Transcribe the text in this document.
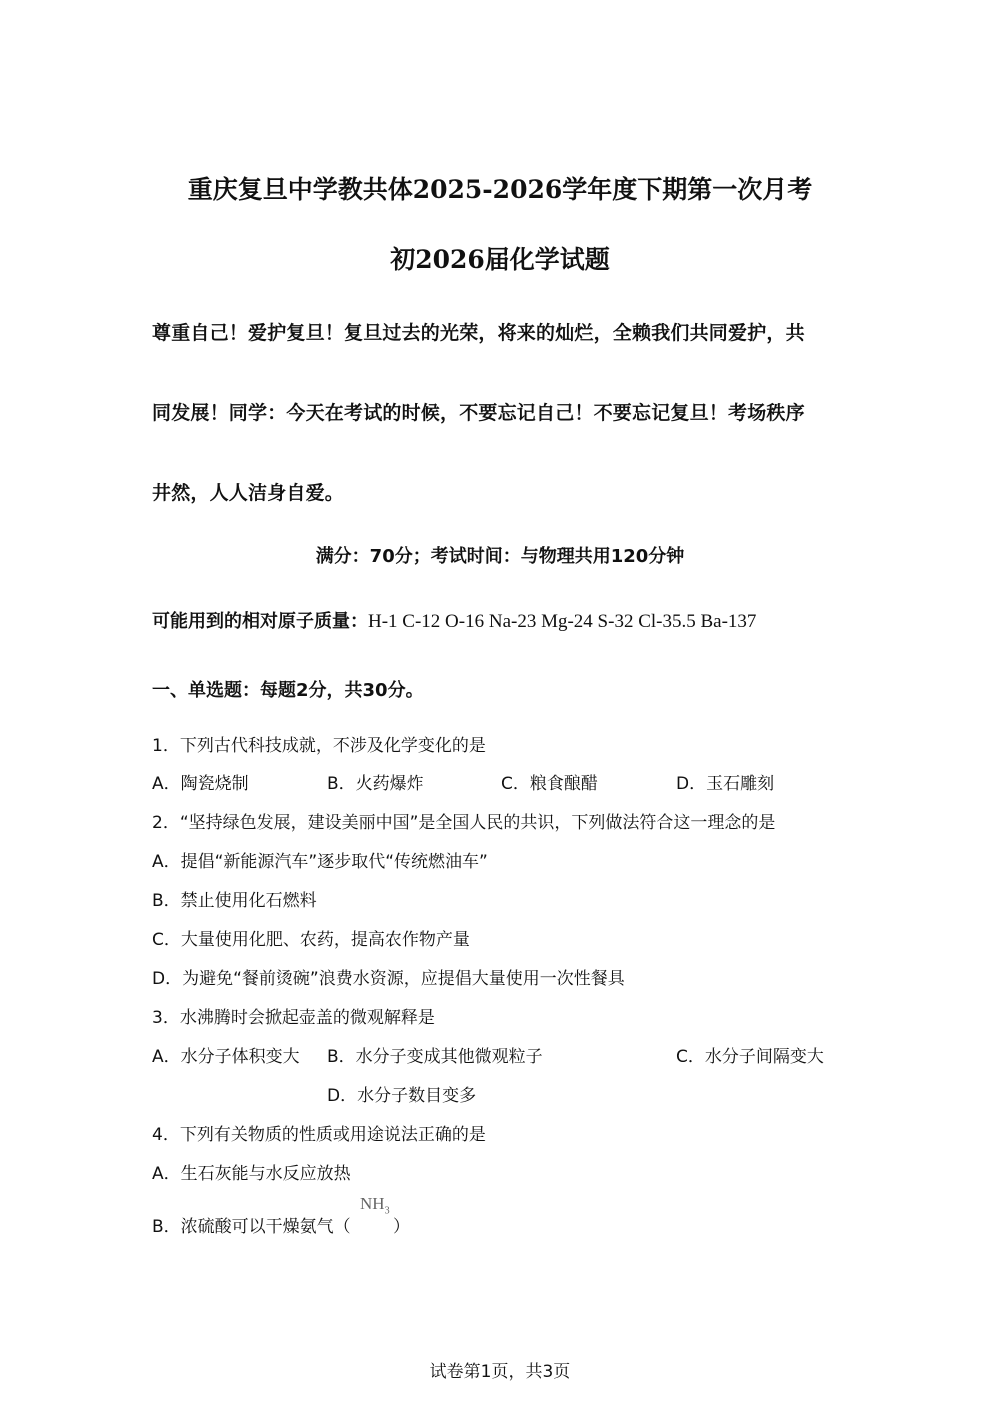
重庆复旦中学教共体2025-2026学年度下期第一次月考
初2026届化学试题
尊重自己！爱护复旦！复旦过去的光荣，将来的灿烂，全赖我们共同爱护，共
同发展！同学：今天在考试的时候，不要忘记自己！不要忘记复旦！考场秩序
井然，人人洁身自爱。
满分：70分；考试时间：与物理共用120分钟
可能用到的相对原子质量：H-1 C-12 O-16 Na-23 Mg-24 S-32 Cl-35.5 Ba-137
一、单选题：每题2分，共30分。
1．下列古代科技成就，不涉及化学变化的是
A．陶瓷烧制	B．火药爆炸	C．粮食酿醋	D．玉石雕刻
2．“坚持绿色发展，建设美丽中国”是全国人民的共识，下列做法符合这一理念的是
A．提倡“新能源汽车”逐步取代“传统燃油车”
B．禁止使用化石燃料
C．大量使用化肥、农药，提高农作物产量
D．为避免“餐前烫碗”浪费水资源，应提倡大量使用一次性餐具
3．水沸腾时会掀起壶盖的微观解释是
A．水分子体积变大 B．水分子变成其他微观粒子	C．水分子间隔变大
D．水分子数目变多
4．下列有关物质的性质或用途说法正确的是
A．生石灰能与水反应放热
B．浓硫酸可以干燥氨气（
$NH_3$
）
试卷第1页，共3页
